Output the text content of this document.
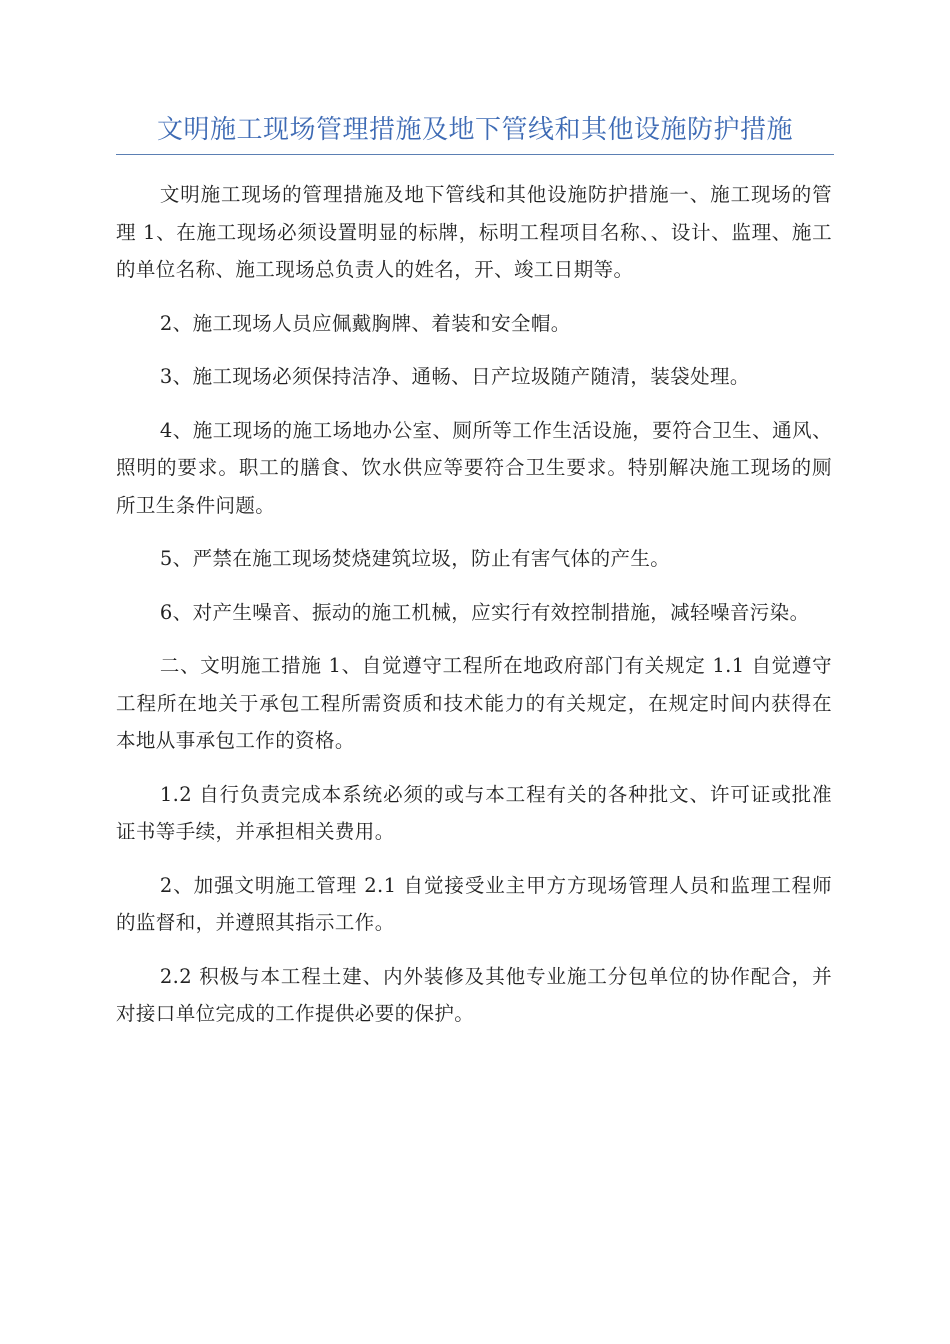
文明施工现场管理措施及地下管线和其他设施防护措施

文明施工现场的管理措施及地下管线和其他设施防护措施一、施工现场的管理 1、在施工现场必须设置明显的标牌，标明工程项目名称、、设计、监理、施工的单位名称、施工现场总负责人的姓名，开、竣工日期等。

2、施工现场人员应佩戴胸牌、着装和安全帽。

3、施工现场必须保持洁净、通畅、日产垃圾随产随清，装袋处理。

4、施工现场的施工场地办公室、厕所等工作生活设施，要符合卫生、通风、照明的要求。职工的膳食、饮水供应等要符合卫生要求。特别解决施工现场的厕所卫生条件问题。

5、严禁在施工现场焚烧建筑垃圾，防止有害气体的产生。

6、对产生噪音、振动的施工机械，应实行有效控制措施，减轻噪音污染。

二、文明施工措施 1、自觉遵守工程所在地政府部门有关规定 1.1 自觉遵守工程所在地关于承包工程所需资质和技术能力的有关规定，在规定时间内获得在本地从事承包工作的资格。

1.2 自行负责完成本系统必须的或与本工程有关的各种批文、许可证或批准证书等手续，并承担相关费用。

2、加强文明施工管理 2.1 自觉接受业主甲方方现场管理人员和监理工程师的监督和，并遵照其指示工作。

2.2 积极与本工程土建、内外装修及其他专业施工分包单位的协作配合，并对接口单位完成的工作提供必要的保护。
